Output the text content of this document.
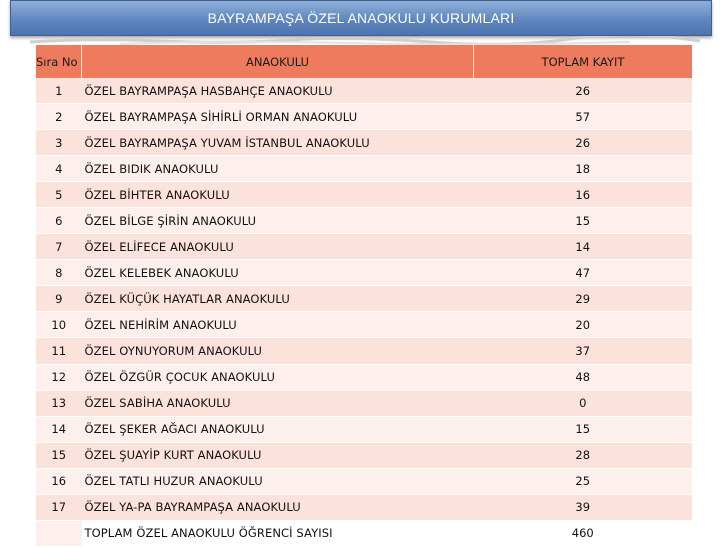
BAYRAMPAŞA ÖZEL ANAOKULU KURUMLARI
Sıra No	ANAOKULU	TOPLAM KAYIT
1	ÖZEL BAYRAMPAŞA HASBAHÇE ANAOKULU	26
2	ÖZEL BAYRAMPAŞA SİHİRLİ ORMAN ANAOKULU	57
3	ÖZEL BAYRAMPAŞA YUVAM İSTANBUL ANAOKULU	26
4	ÖZEL BIDIK ANAOKULU	18
5	ÖZEL BİHTER ANAOKULU	16
6	ÖZEL BİLGE ŞİRİN ANAOKULU	15
7	ÖZEL ELİFECE ANAOKULU	14
8	ÖZEL KELEBEK ANAOKULU	47
9	ÖZEL KÜÇÜK HAYATLAR ANAOKULU	29
10	ÖZEL NEHİRİM ANAOKULU	20
11	ÖZEL OYNUYORUM ANAOKULU	37
12	ÖZEL ÖZGÜR ÇOCUK ANAOKULU	48
13	ÖZEL SABİHA ANAOKULU	0
14	ÖZEL ŞEKER AĞACI ANAOKULU	15
15	ÖZEL ŞUAYİP KURT ANAOKULU	28
16	ÖZEL TATLI HUZUR ANAOKULU	25
17	ÖZEL YA-PA BAYRAMPAŞA ANAOKULU	39
	TOPLAM ÖZEL ANAOKULU ÖĞRENCİ SAYISI	460
